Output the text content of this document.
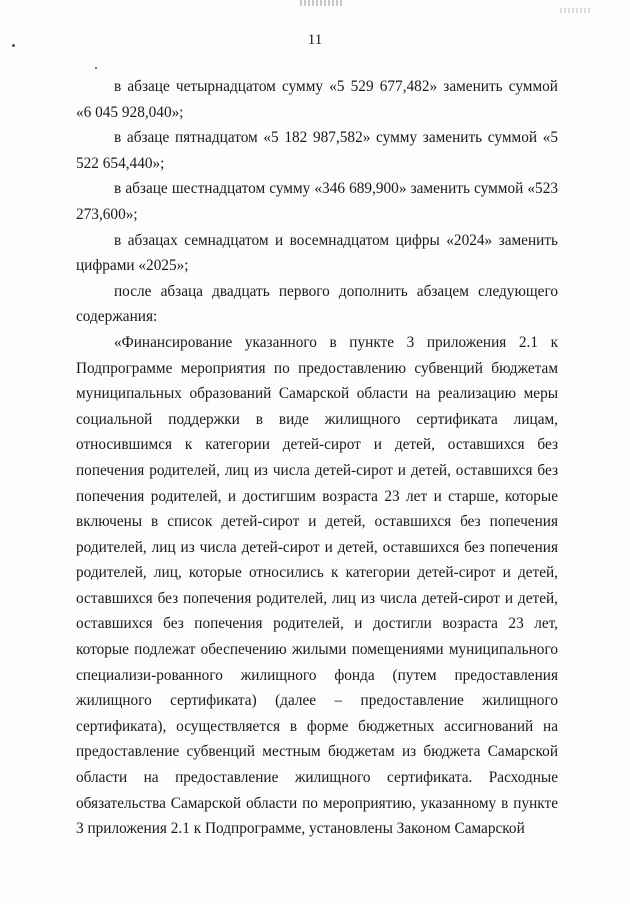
11

в абзаце четырнадцатом сумму «5 529 677,482» заменить суммой «6 045 928,040»;

в абзаце пятнадцатом «5 182 987,582» сумму заменить суммой «5 522 654,440»;

в абзаце шестнадцатом сумму «346 689,900» заменить суммой «523 273,600»;

в абзацах семнадцатом и восемнадцатом цифры «2024» заменить цифрами «2025»;

после абзаца двадцать первого дополнить абзацем следующего содержания:

«Финансирование указанного в пункте 3 приложения 2.1 к Подпрограмме мероприятия по предоставлению субвенций бюджетам муниципальных образований Самарской области на реализацию меры социальной поддержки в виде жилищного сертификата лицам, относившимся к категории детей-сирот и детей, оставшихся без попечения родителей, лиц из числа детей-сирот и детей, оставшихся без попечения родителей, и достигшим возраста 23 лет и старше, которые включены в список детей-сирот и детей, оставшихся без попечения родителей, лиц из числа детей-сирот и детей, оставшихся без попечения родителей, лиц, которые относились к категории детей-сирот и детей, оставшихся без попечения родителей, лиц из числа детей-сирот и детей, оставшихся без попечения родителей, и достигли возраста 23 лет, которые подлежат обеспечению жилыми помещениями муниципального специализи-рованного жилищного фонда (путем предоставления жилищного сертификата) (далее – предоставление жилищного сертификата), осуществляется в форме бюджетных ассигнований на предоставление субвенций местным бюджетам из бюджета Самарской области на предоставление жилищного сертификата. Расходные обязательства Самарской области по мероприятию, указанному в пункте 3 приложения 2.1 к Подпрограмме, установлены Законом Самарской
